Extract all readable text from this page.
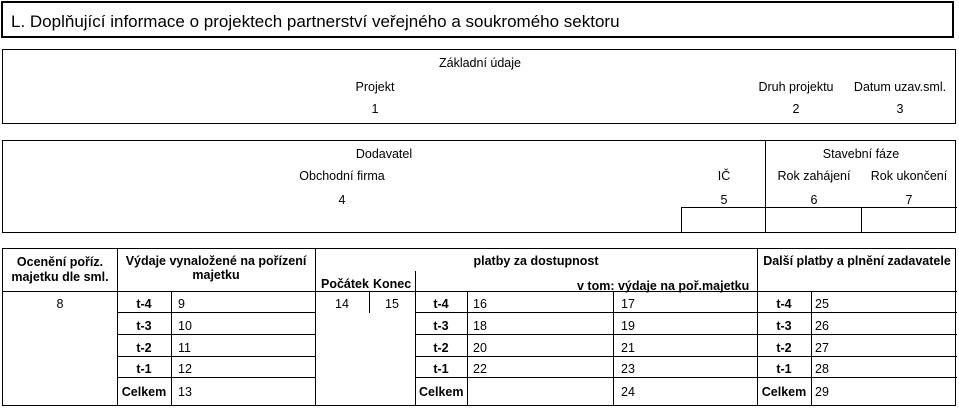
L. Doplňující informace o projektech partnerství veřejného a soukromého sektoru
Základní údaje
Projekt
1
Druh projektu
2
Datum uzav.sml.
3
Dodavatel
Obchodní firma
4
IČ
5
Stavební fáze
Rok zahájení
6
Rok ukončení
7
Ocenění poříz.
majetku dle sml.
8
Výdaje vynaložené na pořízení
majetku
platby za dostupnost
Počátek Konec
14	15
v tom: výdaje na poř.majetku
Další platby a plnění zadavatele
t-4
t-3
t-2
t-1
Celkem
9
10
11
12
13
t-4
t-3
t-2
t-1
Celkem
16
18
20
22
17
19
21
23
24
t-4
t-3
t-2
t-1
Celkem
25
26
27
28
29
